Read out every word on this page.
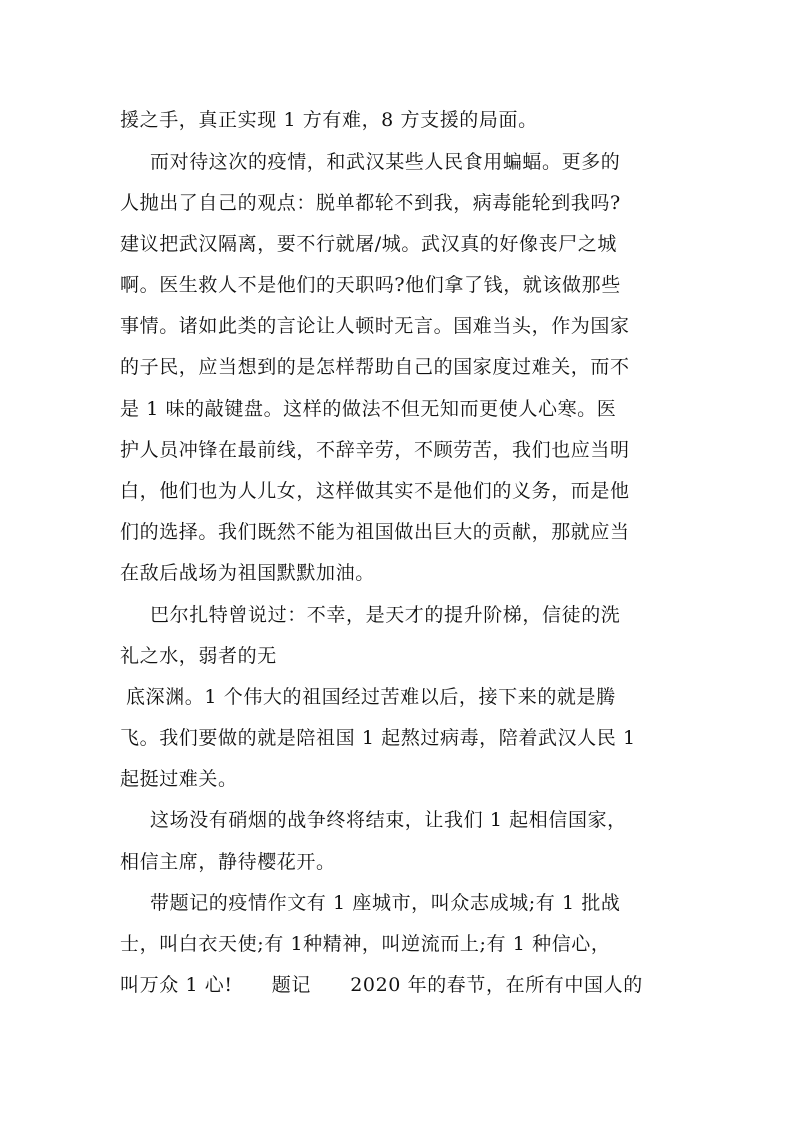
援之手，真正实现 1 方有难，8 方支援的局面。
而对待这次的疫情，和武汉某些人民食用蝙蝠。更多的
人抛出了自己的观点：脱单都轮不到我，病毒能轮到我吗?
建议把武汉隔离，要不行就屠/城。武汉真的好像丧尸之城
啊。医生救人不是他们的天职吗?他们拿了钱，就该做那些
事情。诸如此类的言论让人顿时无言。国难当头，作为国家
的子民，应当想到的是怎样帮助自己的国家度过难关，而不
是 1 味的敲键盘。这样的做法不但无知而更使人心寒。医
护人员冲锋在最前线，不辞辛劳，不顾劳苦，我们也应当明
白，他们也为人儿女，这样做其实不是他们的义务，而是他
们的选择。我们既然不能为祖国做出巨大的贡献，那就应当
在敌后战场为祖国默默加油。
巴尔扎特曾说过：不幸，是天才的提升阶梯，信徒的洗
礼之水，弱者的无
底深渊。1 个伟大的祖国经过苦难以后，接下来的就是腾
飞。我们要做的就是陪祖国 1 起熬过病毒，陪着武汉人民 1
起挺过难关。
这场没有硝烟的战争终将结束，让我们 1 起相信国家，
相信主席，静待樱花开。
带题记的疫情作文有 1 座城市，叫众志成城;有 1 批战
士，叫白衣天使;有 1种精神，叫逆流而上;有 1 种信心，
叫万众 1 心!　　题记　　2020 年的春节，在所有中国人的
